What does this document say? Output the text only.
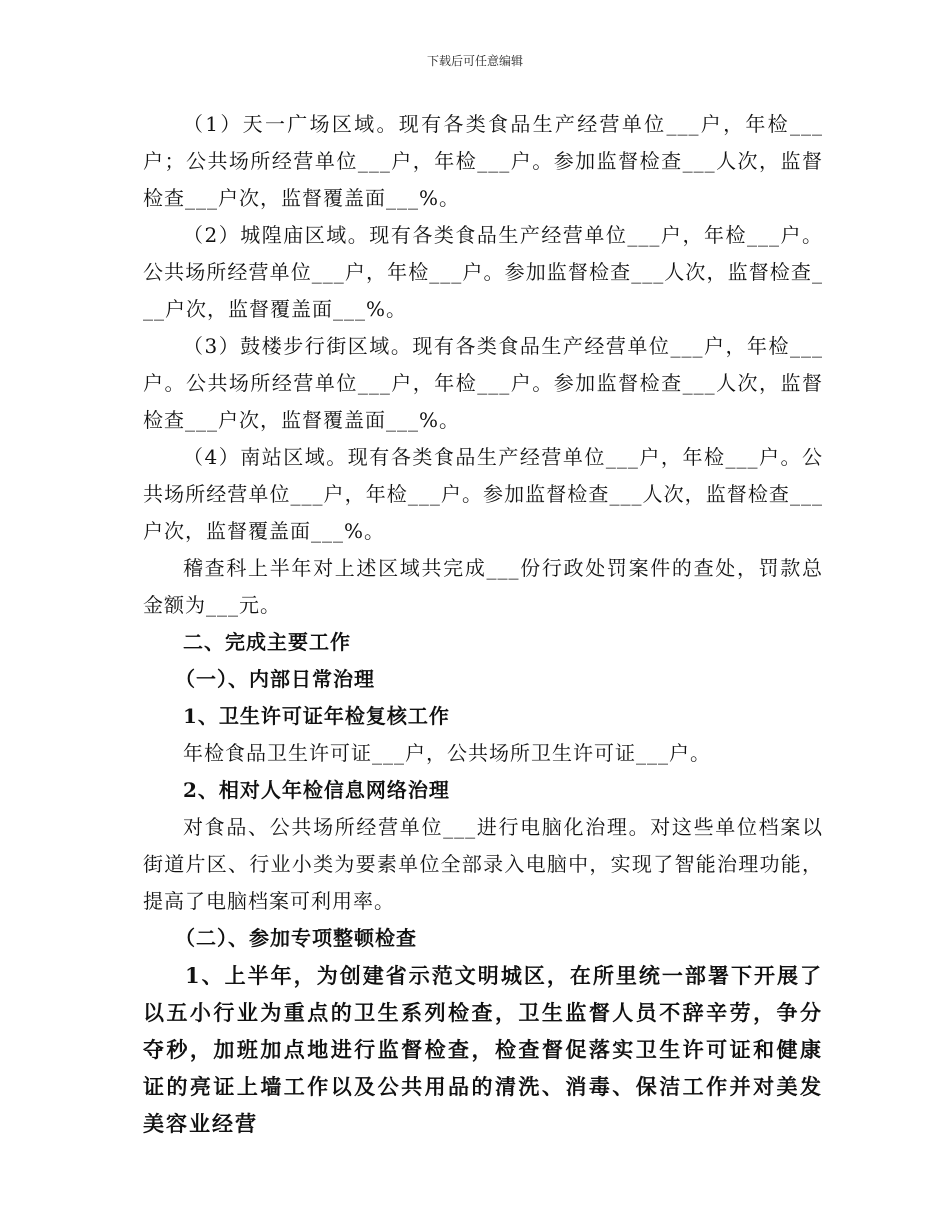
下载后可任意编辑

（1）天一广场区域。现有各类食品生产经营单位___户，年检___户；公共场所经营单位___户，年检___户。参加监督检查___人次，监督检查___户次，监督覆盖面___%。

（2）城隍庙区域。现有各类食品生产经营单位___户，年检___户。公共场所经营单位___户，年检___户。参加监督检查___人次，监督检查___户次，监督覆盖面___%。

（3）鼓楼步行街区域。现有各类食品生产经营单位___户，年检___户。公共场所经营单位___户，年检___户。参加监督检查___人次，监督检查___户次，监督覆盖面___%。

（4）南站区域。现有各类食品生产经营单位___户，年检___户。公共场所经营单位___户，年检___户。参加监督检查___人次，监督检查___户次，监督覆盖面___%。

稽查科上半年对上述区域共完成___份行政处罚案件的查处，罚款总金额为___元。

二、完成主要工作

（一）、内部日常治理

1、卫生许可证年检复核工作

年检食品卫生许可证___户，公共场所卫生许可证___户。

2、相对人年检信息网络治理

对食品、公共场所经营单位___进行电脑化治理。对这些单位档案以街道片区、行业小类为要素单位全部录入电脑中，实现了智能治理功能，提高了电脑档案可利用率。

（二）、参加专项整顿检查

1、上半年，为创建省示范文明城区，在所里统一部署下开展了以五小行业为重点的卫生系列检查，卫生监督人员不辞辛劳，争分夺秒，加班加点地进行监督检查，检查督促落实卫生许可证和健康证的亮证上墙工作以及公共用品的清洗、消毒、保洁工作并对美发美容业经营
